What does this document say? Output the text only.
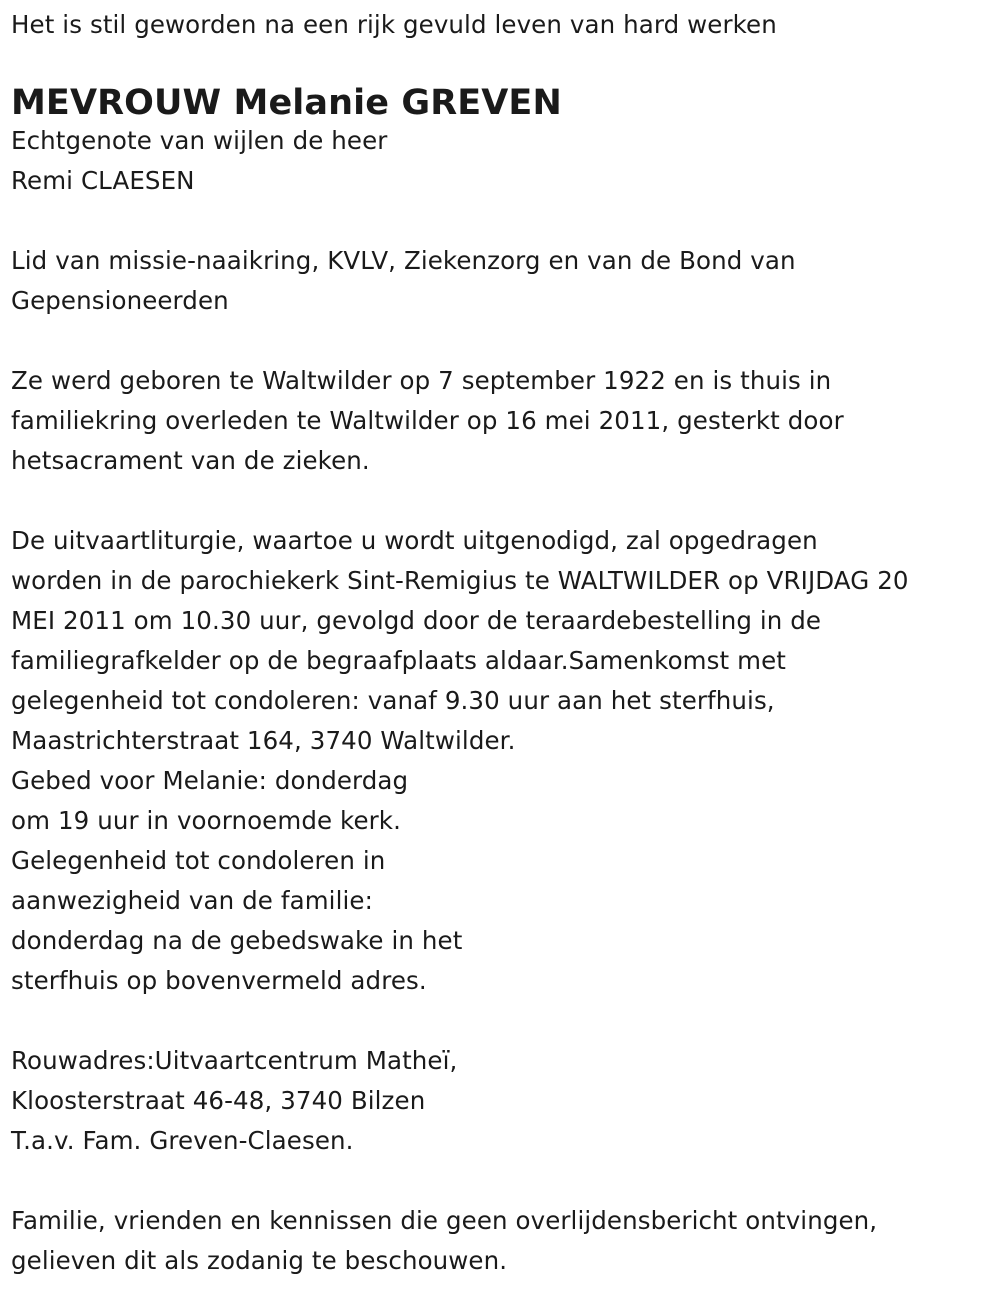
Het is stil geworden na een rijk gevuld leven van hard werken
MEVROUW Melanie GREVEN
Echtgenote van wijlen de heer
Remi CLAESEN
Lid van missie-naaikring, KVLV, Ziekenzorg en van de Bond van
Gepensioneerden
Ze werd geboren te Waltwilder op 7 september 1922 en is thuis in
familiekring overleden te Waltwilder op 16 mei 2011, gesterkt door
hetsacrament van de zieken.
De uitvaartliturgie, waartoe u wordt uitgenodigd, zal opgedragen
worden in de parochiekerk Sint-Remigius te WALTWILDER op VRIJDAG 20
MEI 2011 om 10.30 uur, gevolgd door de teraardebestelling in de
familiegrafkelder op de begraafplaats aldaar.Samenkomst met
gelegenheid tot condoleren: vanaf 9.30 uur aan het sterfhuis,
Maastrichterstraat 164, 3740 Waltwilder.
Gebed voor Melanie: donderdag
om 19 uur in voornoemde kerk.
Gelegenheid tot condoleren in
aanwezigheid van de familie:
donderdag na de gebedswake in het
sterfhuis op bovenvermeld adres.
Rouwadres:Uitvaartcentrum Matheï,
Kloosterstraat 46-48, 3740 Bilzen
T.a.v. Fam. Greven-Claesen.
Familie, vrienden en kennissen die geen overlijdensbericht ontvingen,
gelieven dit als zodanig te beschouwen.
